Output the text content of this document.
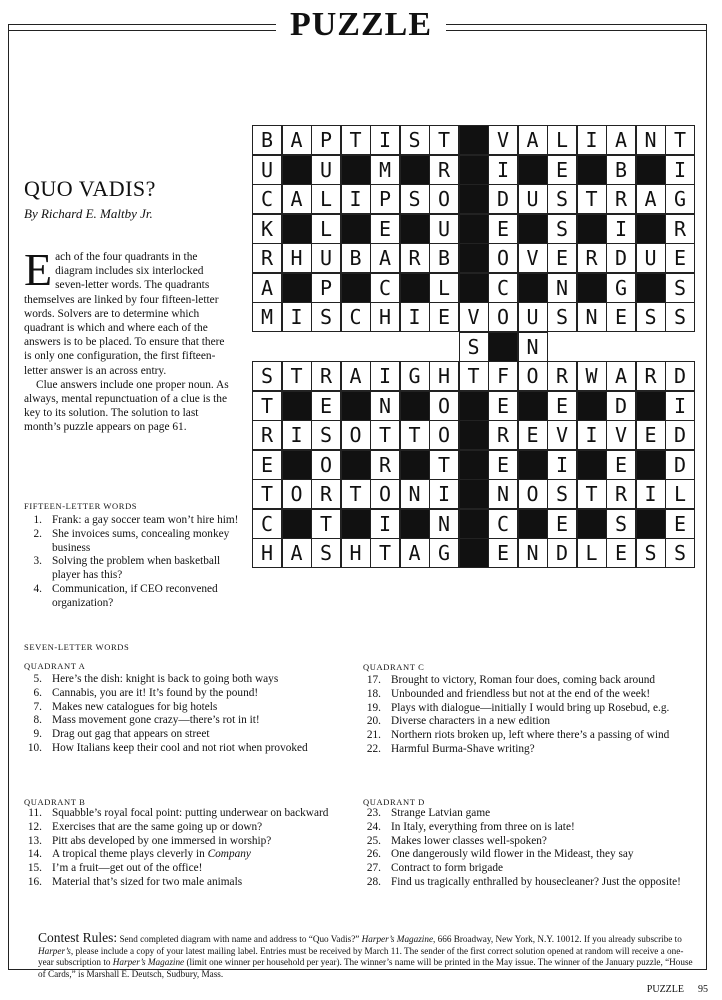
PUZZLE
QUO VADIS?
By Richard E. Maltby Jr.

Each of the four quadrants in the diagram includes six interlocked seven-letter words. The quadrants themselves are linked by four fifteen-letter words. Solvers are to determine which quadrant is which and where each of the answers is to be placed. To ensure that there is only one configuration, the first fifteen-letter answer is an across entry.

Clue answers include one proper noun. As always, mental repunctuation of a clue is the key to its solution. The solution to last month’s puzzle appears on page 61.

B A P T I S T V A L I A N T
U U M R I E B I
C A L I P S O D U S T R A G
K L E U E S I R
R H U B A R B O V E R D U E
A P C L C N G S
M I S C H I E V O U S N E S S
S N
S T R A I G H T F O R W A R D
T E N O E E D I
R I S O T T O R E V I V E D
E O R T E I E D
T O R T O N I N O S T R I L
C T I N C E S E
H A S H T A G E N D L E S S
FIFTEEN-LETTER WORDS
1. Frank: a gay soccer team won’t hire him!
2. She invoices sums, concealing monkey business
3. Solving the problem when basketball player has this?
4. Communication, if CEO reconvened organization?
SEVEN-LETTER WORDS
QUADRANT A
5. Here’s the dish: knight is back to going both ways
6. Cannabis, you are it! It’s found by the pound!
7. Makes new catalogues for big hotels
8. Mass movement gone crazy—there’s rot in it!
9. Drag out gag that appears on street
10. How Italians keep their cool and not riot when provoked
QUADRANT B
11. Squabble’s royal focal point: putting underwear on backward
12. Exercises that are the same going up or down?
13. Pitt abs developed by one immersed in worship?
14. A tropical theme plays cleverly in Company
15. I’m a fruit—get out of the office!
16. Material that’s sized for two male animals
QUADRANT C
17. Brought to victory, Roman four does, coming back around
18. Unbounded and friendless but not at the end of the week!
19. Plays with dialogue—initially I would bring up Rosebud, e.g.
20. Diverse characters in a new edition
21. Northern riots broken up, left where there’s a passing of wind
22. Harmful Burma-Shave writing?
QUADRANT D
23. Strange Latvian game
24. In Italy, everything from three on is late!
25. Makes lower classes well-spoken?
26. One dangerously wild flower in the Mideast, they say
27. Contract to form brigade
28. Find us tragically enthralled by housecleaner? Just the opposite!
Contest Rules: Send completed diagram with name and address to “Quo Vadis?” Harper’s Magazine, 666 Broadway, New York, N.Y. 10012. If you already subscribe to Harper’s, please include a copy of your latest mailing label. Entries must be received by March 11. The sender of the first correct solution opened at random will receive a one-year subscription to Harper’s Magazine (limit one winner per household per year). The winner’s name will be printed in the May issue. The winner of the January puzzle, “House of Cards,” is Marshall E. Deutsch, Sudbury, Mass.
PUZZLE 95
